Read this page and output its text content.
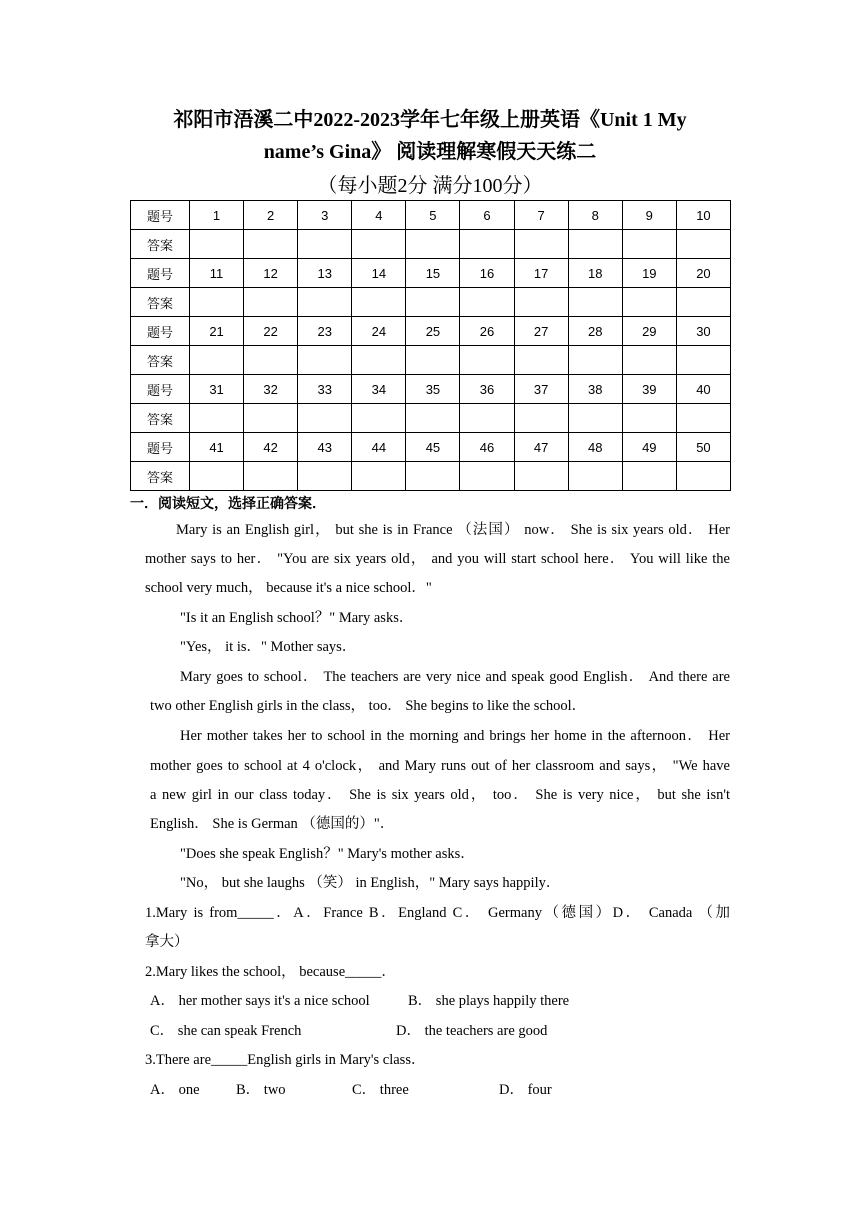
祁阳市浯溪二中2022-2023学年七年级上册英语《Unit 1 My
name’s Gina》 阅读理解寒假天天练二
（每小题2分 满分100分）
题号	1	2	3	4	5	6	7	8	9	10
答案										
题号	11	12	13	14	15	16	17	18	19	20
答案										
题号	21	22	23	24	25	26	27	28	29	30
答案										
题号	31	32	33	34	35	36	37	38	39	40
答案										
题号	41	42	43	44	45	46	47	48	49	50
答案										
一．阅读短文，选择正确答案．
Mary is an English girl， but she is in France （法国） now． She is six years old． Her
mother says to her． "You are six years old， and you will start school here． You will like the
school very much， because it's a nice school．"
"Is it an English school？" Mary asks．
"Yes， it is．" Mother says．
Mary goes to school． The teachers are very nice and speak good English． And there are
two other English girls in the class， too． She begins to like the school．
Her mother takes her to school in the morning and brings her home in the afternoon． Her
mother goes to school at 4 o'clock， and Mary runs out of her classroom and says， "We have
a new girl in our class today． She is six years old， too． She is very nice， but she isn't
English． She is German （德国的）"．
"Does she speak English？" Mary's mother asks．
"No， but she laughs （笑） in English，" Mary says happily．
1.Mary is from_____．A．France B．England C． Germany（德国）D． Canada （加
拿大）
2.Mary likes the school， because_____．
A． her mother says it's a nice school	B． she plays happily there
C． she can speak French	D． the teachers are good
3.There are_____English girls in Mary's class．
A． one	B． two	C． three	D． four
